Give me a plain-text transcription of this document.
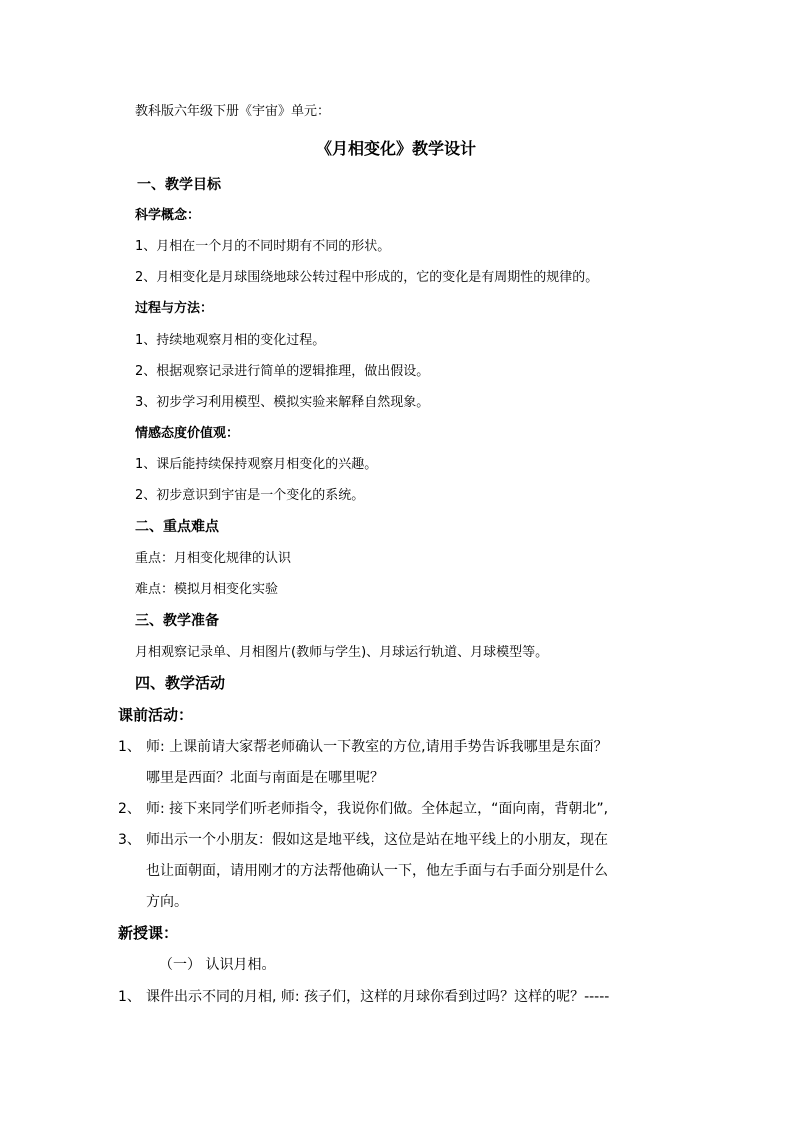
教科版六年级下册《宇宙》单元：
《月相变化》教学设计
一、教学目标
科学概念：
1、月相在一个月的不同时期有不同的形状。
2、月相变化是月球围绕地球公转过程中形成的，它的变化是有周期性的规律的。
过程与方法：
1、持续地观察月相的变化过程。
2、根据观察记录进行简单的逻辑推理，做出假设。
3、初步学习利用模型、模拟实验来解释自然现象。
情感态度价值观：
1、课后能持续保持观察月相变化的兴趣。
2、初步意识到宇宙是一个变化的系统。
二、重点难点
重点：月相变化规律的认识
难点：模拟月相变化实验
三、教学准备
月相观察记录单、月相图片(教师与学生)、月球运行轨道、月球模型等。
四、教学活动
课前活动：
1、 师: 上课前请大家帮老师确认一下教室的方位,请用手势告诉我哪里是东面？
哪里是西面？北面与南面是在哪里呢？
2、 师: 接下来同学们听老师指令，我说你们做。全体起立，“面向南，背朝北”,
3、 师出示一个小朋友：假如这是地平线，这位是站在地平线上的小朋友，现在
也让面朝面，请用刚才的方法帮他确认一下，他左手面与右手面分别是什么
方向。
新授课：
（一） 认识月相。
1、 课件出示不同的月相, 师: 孩子们，这样的月球你看到过吗？这样的呢？-----
